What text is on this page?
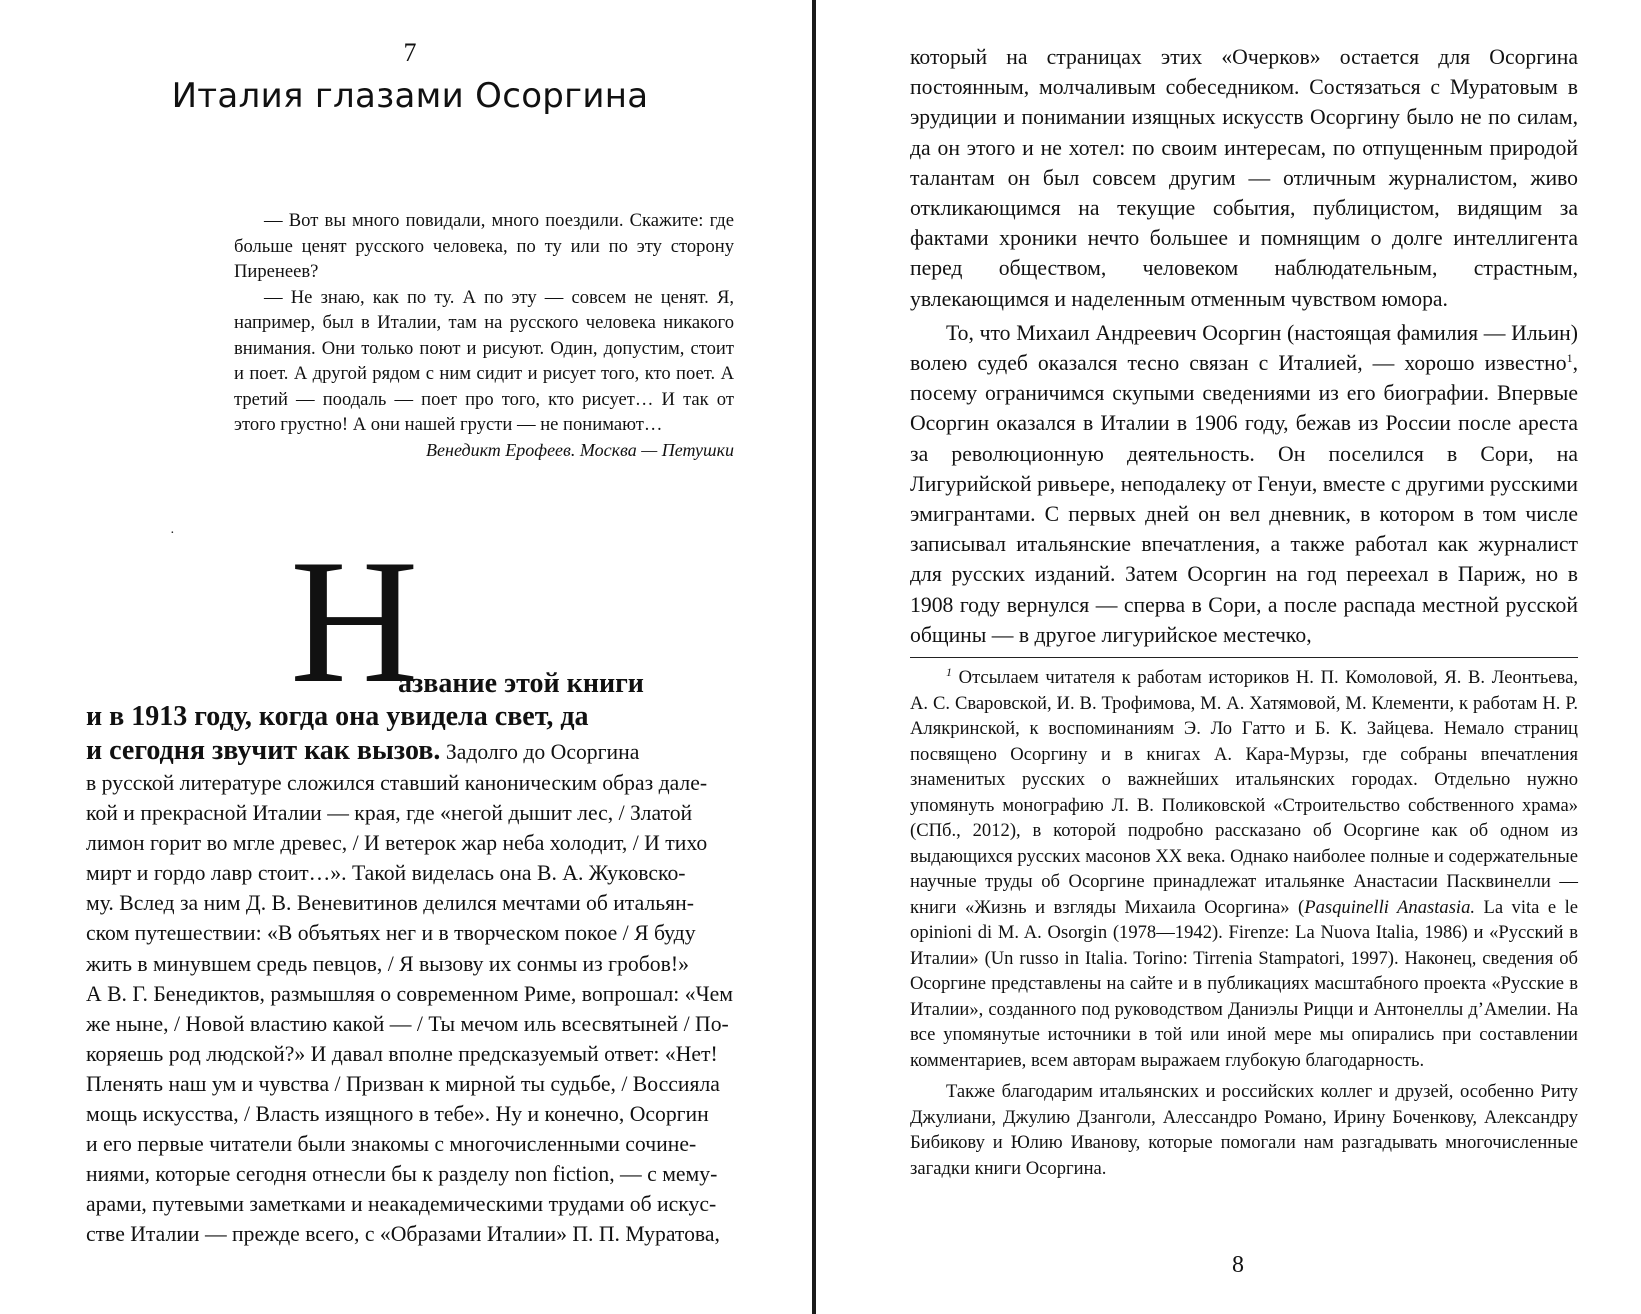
7
Италия глазами Осоргина

— Вот вы много повидали, много поездили. Скажите: где больше ценят русского человека, по ту или по эту сторону Пиренеев?

— Не знаю, как по ту. А по эту — совсем не ценят. Я, например, был в Италии, там на русского человека никакого внимания. Они только поют и рисуют. Один, допустим, стоит и поет. А другой рядом с ним сидит и рисует того, кто поет. А третий — поодаль — поет про того, кто рисует… И так от этого грустно! А они нашей грусти — не понимают…

Венедикт Ерофеев. Москва — Петушки

· Н
азвание этой книги
и в 1913 году, когда она увидела свет, да
и сегодня звучит как вызов. Задолго до Осоргина
в русской литературе сложился ставший каноническим образ дале-
кой и прекрасной Италии — края, где «негой дышит лес, / Златой
лимон горит во мгле древес, / И ветерок жар неба холодит, / И тихо
мирт и гордо лавр стоит…». Такой виделась она В. А. Жуковско-
му. Вслед за ним Д. В. Веневитинов делился мечтами об итальян-
ском путешествии: «В объятьях нег и в творческом покое / Я буду
жить в минувшем средь певцов, / Я вызову их сонмы из гробов!»
А В. Г. Бенедиктов, размышляя о современном Риме, вопрошал: «Чем
же ныне, / Новой властию какой — / Ты мечом иль всесвятыней / По-
коряешь род людской?» И давал вполне предсказуемый ответ: «Нет!
Пленять наш ум и чувства / Призван к мирной ты судьбе, / Воссияла
мощь искусства, / Власть изящного в тебе». Ну и конечно, Осоргин
и его первые читатели были знакомы с многочисленными сочине-
ниями, которые сегодня отнесли бы к разделу non fiction, — с мему-
арами, путевыми заметками и неакадемическими трудами об искус-
стве Италии — прежде всего, с «Образами Италии» П. П. Муратова,

который на страницах этих «Очерков» остается для Осоргина постоянным, молчаливым собеседником. Состязаться с Муратовым в эрудиции и понимании изящных искусств Осоргину было не по силам, да он этого и не хотел: по своим интересам, по отпущенным природой талантам он был совсем другим — отличным журналистом, живо откликающимся на текущие события, публицистом, видящим за фактами хроники нечто большее и помнящим о долге интеллигента перед обществом, человеком наблюдательным, страстным, увлекающимся и наделенным отменным чувством юмора.

То, что Михаил Андреевич Осоргин (настоящая фамилия — Ильин) волею судеб оказался тесно связан с Италией, — хорошо известно$^1$, посему ограничимся скупыми сведениями из его биографии. Впервые Осоргин оказался в Италии в 1906 году, бежав из России после ареста за революционную деятельность. Он поселился в Сори, на Лигурийской ривьере, неподалеку от Генуи, вместе с другими русскими эмигрантами. С первых дней он вел дневник, в котором в том числе записывал итальянские впечатления, а также работал как журналист для русских изданий. Затем Осоргин на год переехал в Париж, но в 1908 году вернулся — сперва в Сори, а после распада местной русской общины — в другое лигурийское местечко,

$^1$ Отсылаем читателя к работам историков Н. П. Комоловой, Я. В. Леонтьева, А. С. Сваровской, И. В. Трофимова, М. А. Хатямовой, М. Клементи, к работам Н. Р. Алякринской, к воспоминаниям Э. Ло Гатто и Б. К. Зайцева. Немало страниц посвящено Осоргину и в книгах А. Кара-Мурзы, где собраны впечатления знаменитых русских о важнейших итальянских городах. Отдельно нужно упомянуть монографию Л. В. Поликовской «Строительство собственного храма» (СПб., 2012), в которой подробно рассказано об Осоргине как об одном из выдающихся русских масонов XX века. Однако наиболее полные и содержательные научные труды об Осоргине принадлежат итальянке Анастасии Пасквинелли — книги «Жизнь и взгляды Михаила Осоргина» (Pasquinelli Anastasia. La vita e le opinioni di M. A. Osorgin (1978—1942). Firenze: La Nuova Italia, 1986) и «Русский в Италии» (Un russo in Italia. Torino: Tirrenia Stampatori, 1997). Наконец, сведения об Осоргине представлены на сайте и в публикациях масштабного проекта «Русские в Италии», созданного под руководством Даниэлы Рицци и Антонеллы д’Амелии. На все упомянутые источники в той или иной мере мы опирались при составлении комментариев, всем авторам выражаем глубокую благодарность.

Также благодарим итальянских и российских коллег и друзей, особенно Риту Джулиани, Джулию Дзанголи, Алессандро Романо, Ирину Боченкову, Александру Бибикову и Юлию Иванову, которые помогали нам разгадывать многочисленные загадки книги Осоргина.

8
